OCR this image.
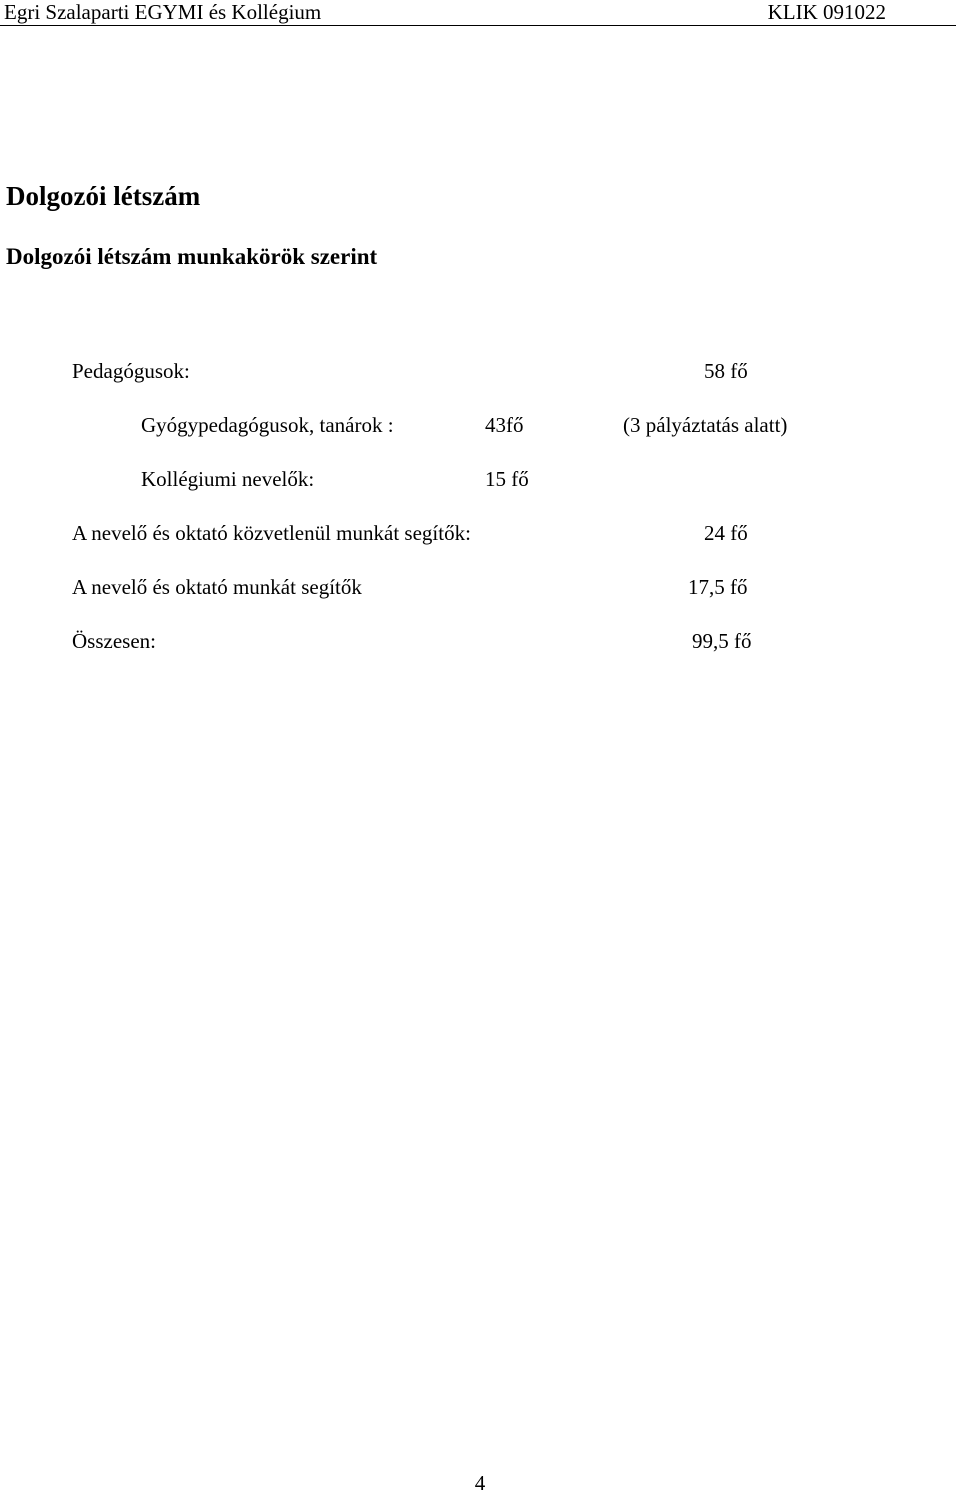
Egri Szalaparti EGYMI és Kollégium	KLIK 091022
Dolgozói létszám
Dolgozói létszám munkakörök szerint
Pedagógusok:	58 fő
Gyógypedagógusok, tanárok :	43fő	(3 pályáztatás alatt)
Kollégiumi nevelők:	15 fő
A nevelő és oktató közvetlenül munkát segítők:	24 fő
A nevelő és oktató munkát segítők	17,5 fő
Összesen:	99,5 fő
4
